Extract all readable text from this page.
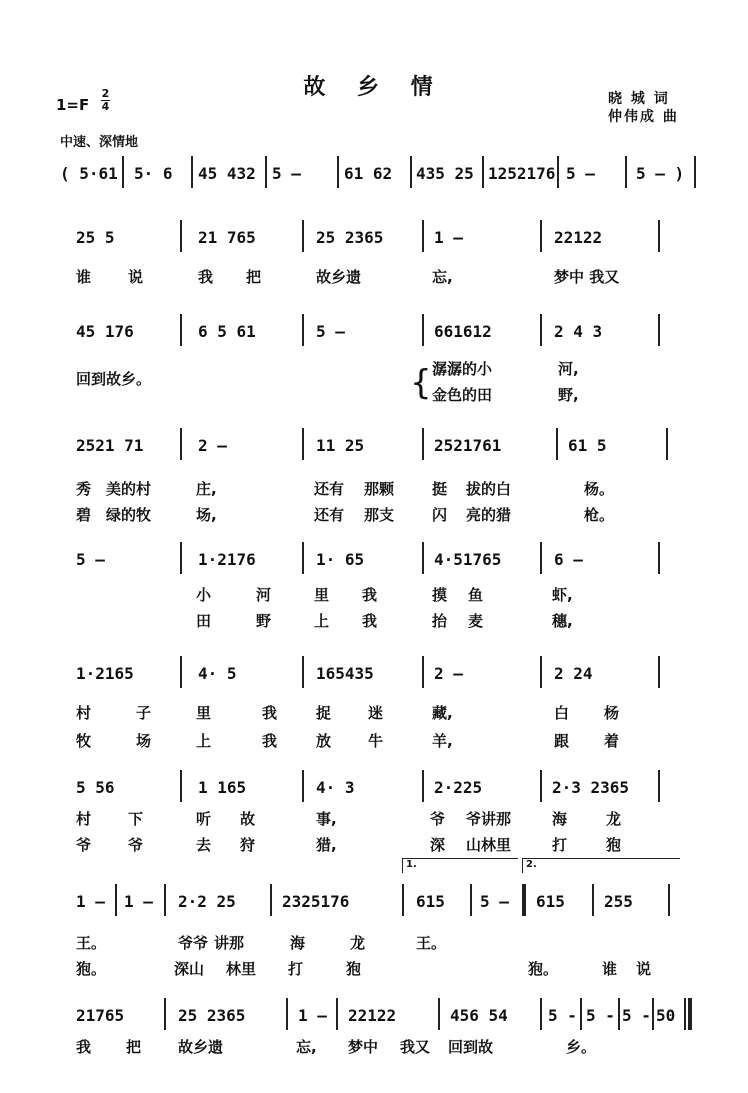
故 乡 情	晓 城 词
仲伟成 曲
1=F
2
4
中速、深情地
( 5·61 5· 6 45 432 5 –	61 62 435 25 1252176 5 –	5 – )
25 5	21 765	25 2365	1 –	22122
谁 说	我 把	故乡遗	忘,	梦中 我又
45 176	6 5 61	5 –	661612	2 4 3
回到故乡。	{ 潺潺的小	河,
金色的田	野,
2521 71	2 –	11 25	2521761	61 5
秀 美的村	庄,	还有 那颗	挺 拔的白	杨。
碧 绿的牧	场,	还有 那支	闪 亮的猎	枪。
5 –	1·2176	1· 65	4·51765	6 –
小	河	里 我	摸 鱼	虾,
田	野	上 我	抬 麦	穗,
1·2165	4· 5	165435	2 –	2 24
村	子	里	我	捉 迷	藏,	白 杨
牧	场	上	我	放 牛	羊,	跟 着
5 56	1 165	4· 3	2·225	2·3 2365
村 下	听 故	事,	爷 爷讲那	海	龙
爷 爷	去 狩	猎,	深 山林里	打	狍
1.	2.
1 – 1 – 2·2 25	2325176	615 5 – 615 255
王。	爷爷 讲那	海	龙	王。
狍。	深山 林里 打	狍	狍。	谁 说
21765	25 2365	1 – 22122	456 54	5 - 5 - 5 - 50
我 把 故乡遗	忘, 梦中 我又 回到故	乡。
